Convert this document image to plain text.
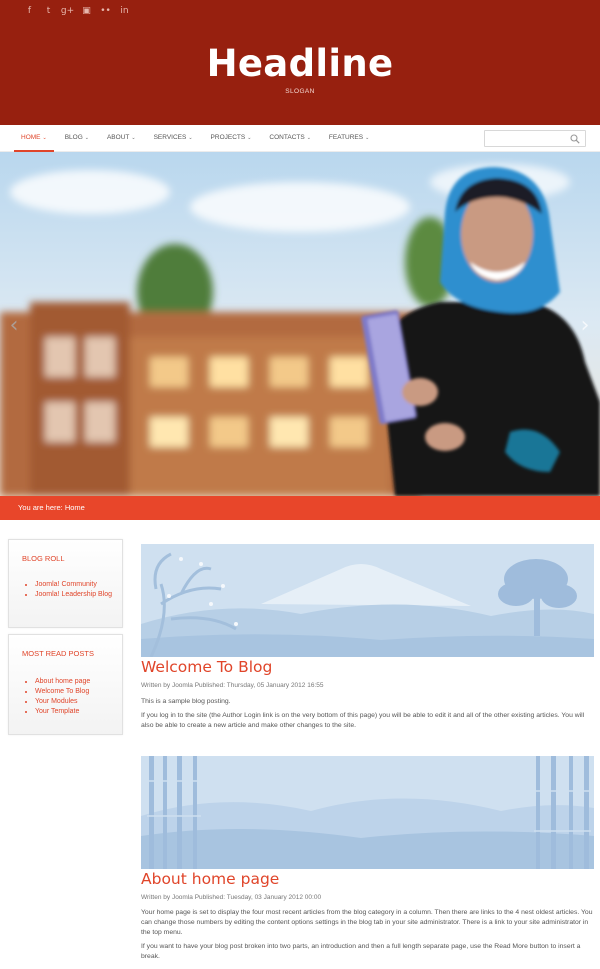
f	t	g+ ▣	••	in
Headline
SLOGAN
HOME ⌄	BLOG ⌄	ABOUT ⌄	SERVICES ⌄	PROJECTS ⌄	CONTACTS ⌄	FEATURES ⌄
‹	›
You are here: Home
BLOG ROLL
• Joomla! Community
• Joomla! Leadership Blog
MOST READ POSTS
• About home page
• Welcome To Blog
• Your Modules
• Your Template
Welcome To Blog
Written by Joomla Published: Thursday, 05 January 2012 16:55
This is a sample blog posting.
If you log in to the site (the Author Login link is on the very bottom of this page) you will be able to edit it and all of the other existing articles. You will also be able to create a new article and make other changes to the site.
About home page
Written by Joomla Published: Tuesday, 03 January 2012 00:00
Your home page is set to display the four most recent articles from the blog category in a column. Then there are links to the 4 nest oldest articles. You can change those numbers by editing the content options settings in the blog tab in your site administrator. There is a link to your site administrator in the top menu.
If you want to have your blog post broken into two parts, an introduction and then a full length separate page, use the Read More button to insert a break.
